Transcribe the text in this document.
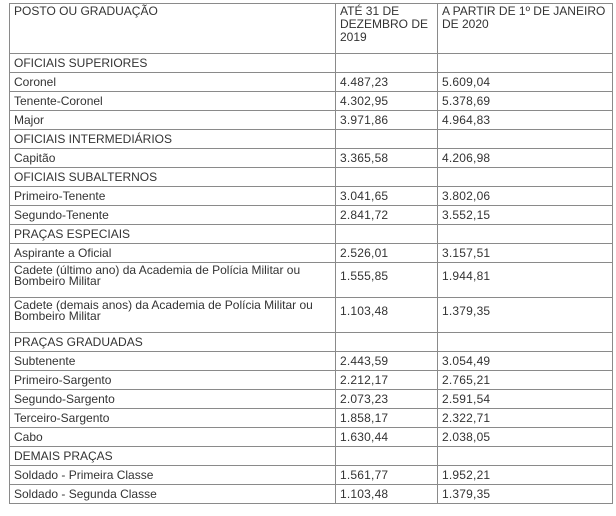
POSTO OU GRADUAÇÃO	ATÉ 31 DE DEZEMBRO DE 2019	A PARTIR DE 1º DE JANEIRO DE 2020
OFICIAIS SUPERIORES		
Coronel	4.487,23	5.609,04
Tenente-Coronel	4.302,95	5.378,69
Major	3.971,86	4.964,83
OFICIAIS INTERMEDIÁRIOS		
Capitão	3.365,58	4.206,98
OFICIAIS SUBALTERNOS		
Primeiro-Tenente	3.041,65	3.802,06
Segundo-Tenente	2.841,72	3.552,15
PRAÇAS ESPECIAIS		
Aspirante a Oficial	2.526,01	3.157,51
Cadete (último ano) da Academia de Polícia Militar ou Bombeiro Militar	1.555,85	1.944,81
Cadete (demais anos) da Academia de Polícia Militar ou Bombeiro Militar	1.103,48	1.379,35
PRAÇAS GRADUADAS		
Subtenente	2.443,59	3.054,49
Primeiro-Sargento	2.212,17	2.765,21
Segundo-Sargento	2.073,23	2.591,54
Terceiro-Sargento	1.858,17	2.322,71
Cabo	1.630,44	2.038,05
DEMAIS PRAÇAS		
Soldado - Primeira Classe	1.561,77	1.952,21
Soldado - Segunda Classe	1.103,48	1.379,35
